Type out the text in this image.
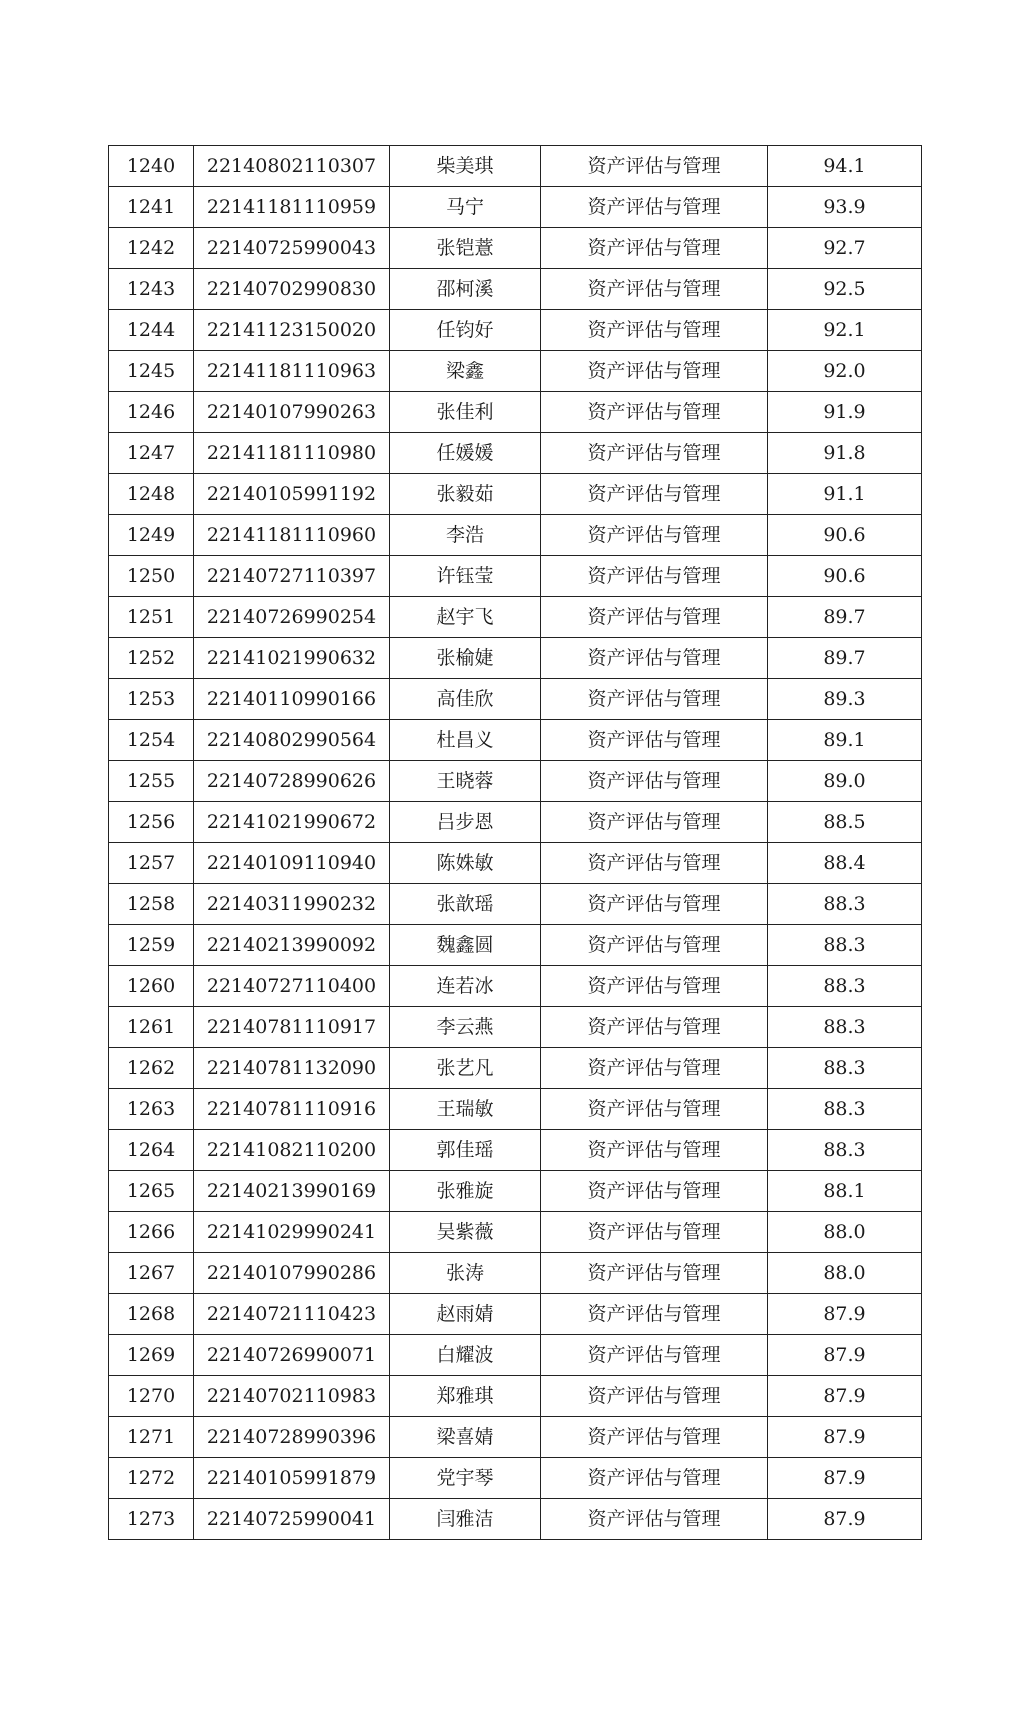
1240	22140802110307	柴美琪	资产评估与管理	94.1
1241	22141181110959	马宁	资产评估与管理	93.9
1242	22140725990043	张铠薏	资产评估与管理	92.7
1243	22140702990830	邵柯溪	资产评估与管理	92.5
1244	22141123150020	任钧好	资产评估与管理	92.1
1245	22141181110963	梁鑫	资产评估与管理	92.0
1246	22140107990263	张佳利	资产评估与管理	91.9
1247	22141181110980	任媛媛	资产评估与管理	91.8
1248	22140105991192	张毅茹	资产评估与管理	91.1
1249	22141181110960	李浩	资产评估与管理	90.6
1250	22140727110397	许钰莹	资产评估与管理	90.6
1251	22140726990254	赵宇飞	资产评估与管理	89.7
1252	22141021990632	张榆婕	资产评估与管理	89.7
1253	22140110990166	高佳欣	资产评估与管理	89.3
1254	22140802990564	杜昌义	资产评估与管理	89.1
1255	22140728990626	王晓蓉	资产评估与管理	89.0
1256	22141021990672	吕步恩	资产评估与管理	88.5
1257	22140109110940	陈姝敏	资产评估与管理	88.4
1258	22140311990232	张歆瑶	资产评估与管理	88.3
1259	22140213990092	魏鑫圆	资产评估与管理	88.3
1260	22140727110400	连若冰	资产评估与管理	88.3
1261	22140781110917	李云燕	资产评估与管理	88.3
1262	22140781132090	张艺凡	资产评估与管理	88.3
1263	22140781110916	王瑞敏	资产评估与管理	88.3
1264	22141082110200	郭佳瑶	资产评估与管理	88.3
1265	22140213990169	张雅旋	资产评估与管理	88.1
1266	22141029990241	吴紫薇	资产评估与管理	88.0
1267	22140107990286	张涛	资产评估与管理	88.0
1268	22140721110423	赵雨婧	资产评估与管理	87.9
1269	22140726990071	白耀波	资产评估与管理	87.9
1270	22140702110983	郑雅琪	资产评估与管理	87.9
1271	22140728990396	梁喜婧	资产评估与管理	87.9
1272	22140105991879	党宇琴	资产评估与管理	87.9
1273	22140725990041	闫雅洁	资产评估与管理	87.9
